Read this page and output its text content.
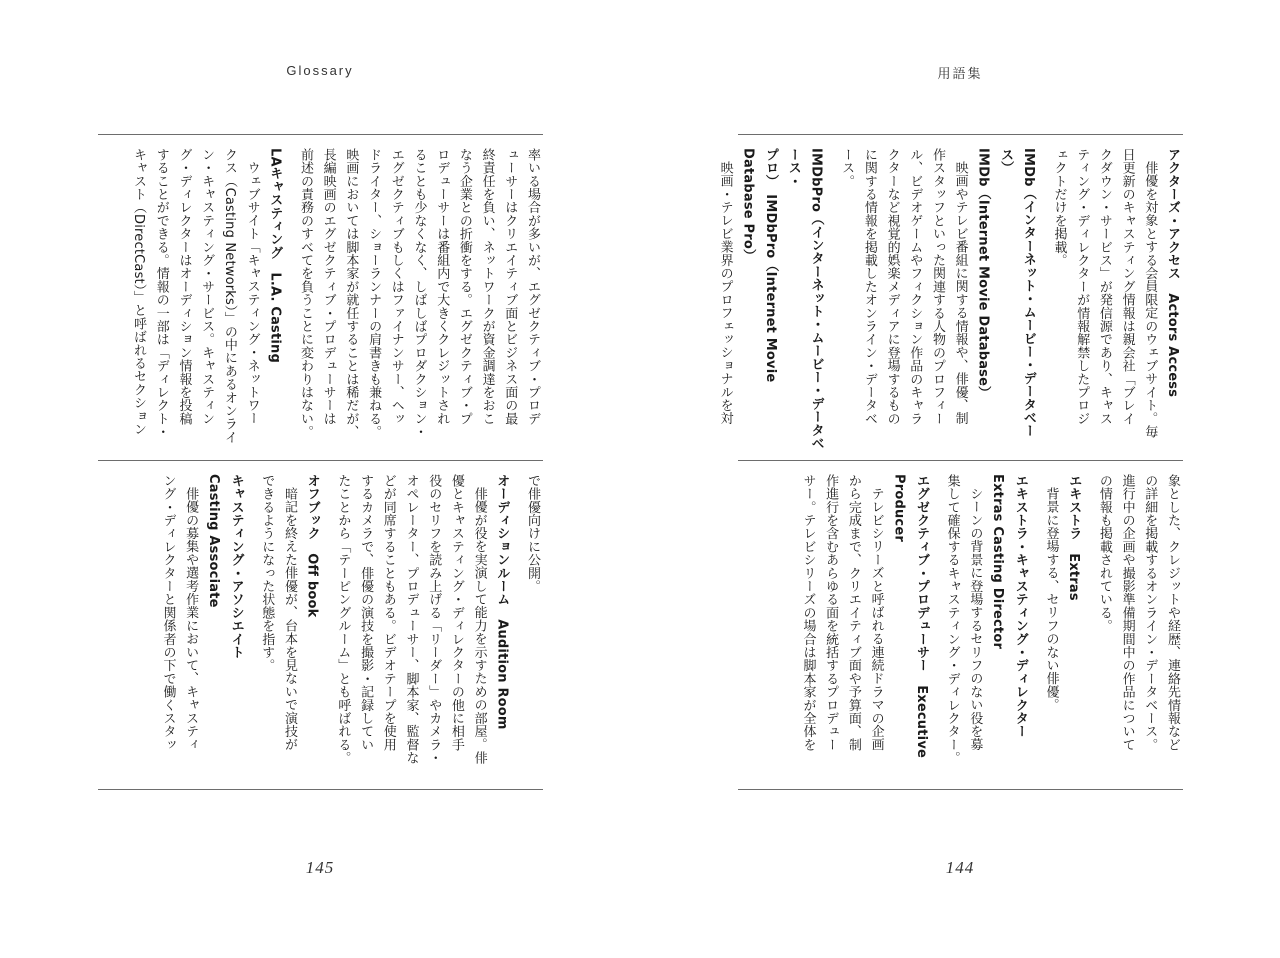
Glossary

率いる場合が多いが、エグゼクティブ・プロデ
ューサーはクリエイティブ面とビジネス面の最
終責任を負い、ネットワークが資金調達をおこ
なう企業との折衝をする。エグゼクティブ・プ
ロデューサーは番組内で大きくクレジットされ
ることも少なくなく、しばしばプロダクション・
エグゼクティブもしくはファイナンサー、ヘッ
ドライター、ショーランナーの肩書きも兼ねる。
映画においては脚本家が就任することは稀だが、
長編映画のエグゼクティブ・プロデューサーは
前述の責務のすべてを負うことに変わりはない。

LAキャスティング　L.A. Casting
ウェブサイト「キャスティング・ネットワー
クス（Casting Networks）」の中にあるオンライ
ン・キャスティング・サービス。キャスティン
グ・ディレクターはオーディション情報を投稿
することができる。情報の一部は「ディレクト・
キャスト（DirectCast）」と呼ばれるセクション

で俳優向けに公開。

オーディションルーム　Audition Room
俳優が役を実演して能力を示すための部屋。俳
優とキャスティング・ディレクターの他に相手
役のセリフを読み上げる「リーダー」やカメラ・
オペレーター、プロデューサー、脚本家、監督な
どが同席することもある。ビデオテープを使用
するカメラで、俳優の演技を撮影・記録してい
たことから「テーピングルーム」とも呼ばれる。

オフブック　Off book
暗記を終えた俳優が、台本を見ないで演技が
できるようになった状態を指す。

キャスティング・アソシエイト
Casting Associate
俳優の募集や選考作業において、キャスティ
ング・ディレクターと関係者の下で働くスタッ

145
用語集

アクターズ・アクセス　Actors Access
俳優を対象とする会員限定のウェブサイト。毎
日更新のキャスティング情報は親会社「ブレイ
クダウン・サービス」が発信源であり、キャス
ティング・ディレクターが情報解禁したプロジ
ェクトだけを掲載。

IMDb（インターネット・ムービー・データベース）
IMDb（Internet Movie Database）
映画やテレビ番組に関する情報や、俳優、制
作スタッフといった関連する人物のプロフィー
ル、ビデオゲームやフィクション作品のキャラ
クターなど視覚的娯楽メディアに登場するもの
に関する情報を掲載したオンライン・データベ
ース。

IMDbPro（インターネット・ムービー・データベース・
プロ）　IMDbPro（Internet Movie Database Pro）
映画・テレビ業界のプロフェッショナルを対

象とした、クレジットや経歴、連絡先情報など
の詳細を掲載するオンライン・データベース。
進行中の企画や撮影準備期間中の作品について
の情報も掲載されている。

エキストラ　Extras
背景に登場する、セリフのない俳優。

エキストラ・キャスティング・ディレクター
Extras Casting Director
シーンの背景に登場するセリフのない役を募
集して確保するキャスティング・ディレクター。

エグゼクティブ・プロデューサー　Executive
Producer
テレビシリーズと呼ばれる連続ドラマの企画
から完成まで、クリエイティブ面や予算面、制
作進行を含むあらゆる面を統括するプロデュー
サー。テレビシリーズの場合は脚本家が全体を

144
